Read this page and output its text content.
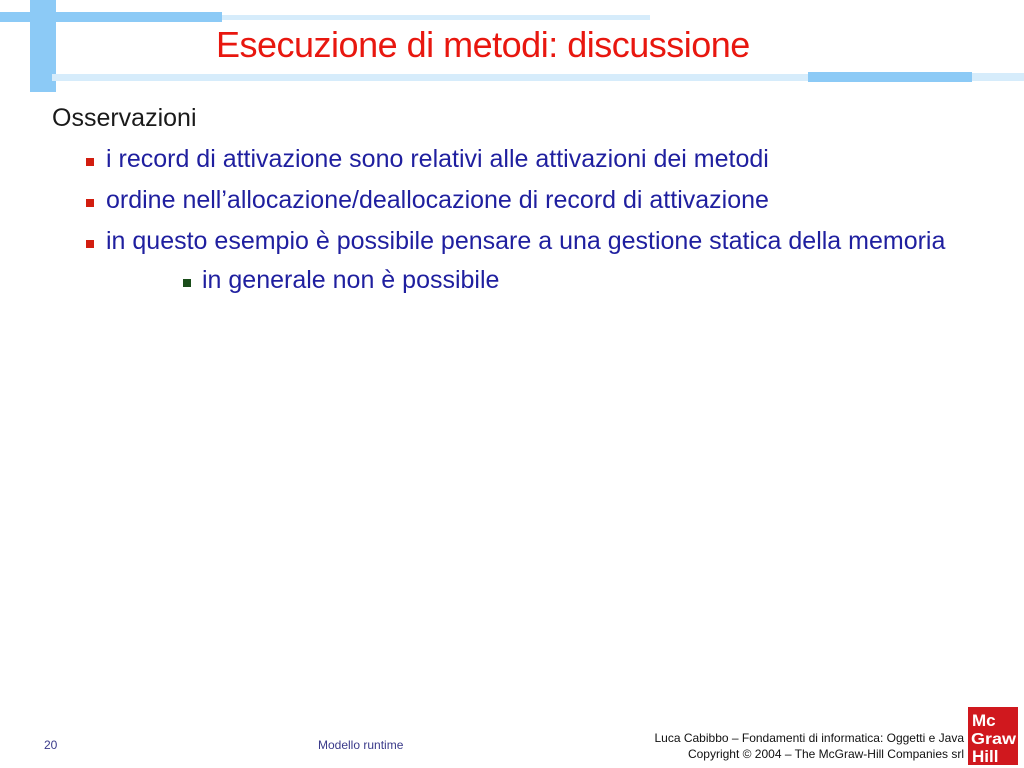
Esecuzione di metodi: discussione

Osservazioni

i record di attivazione sono relativi alle attivazioni dei metodi
ordine nell’allocazione/deallocazione di record di attivazione
in questo esempio è possibile pensare a una gestione statica della memoria
in generale non è possibile
20	Modello runtime	Luca Cabibbo – Fondamenti di informatica: Oggetti e Java
Copyright © 2004 – The McGraw-Hill Companies srl
Mc
Graw
Hill
